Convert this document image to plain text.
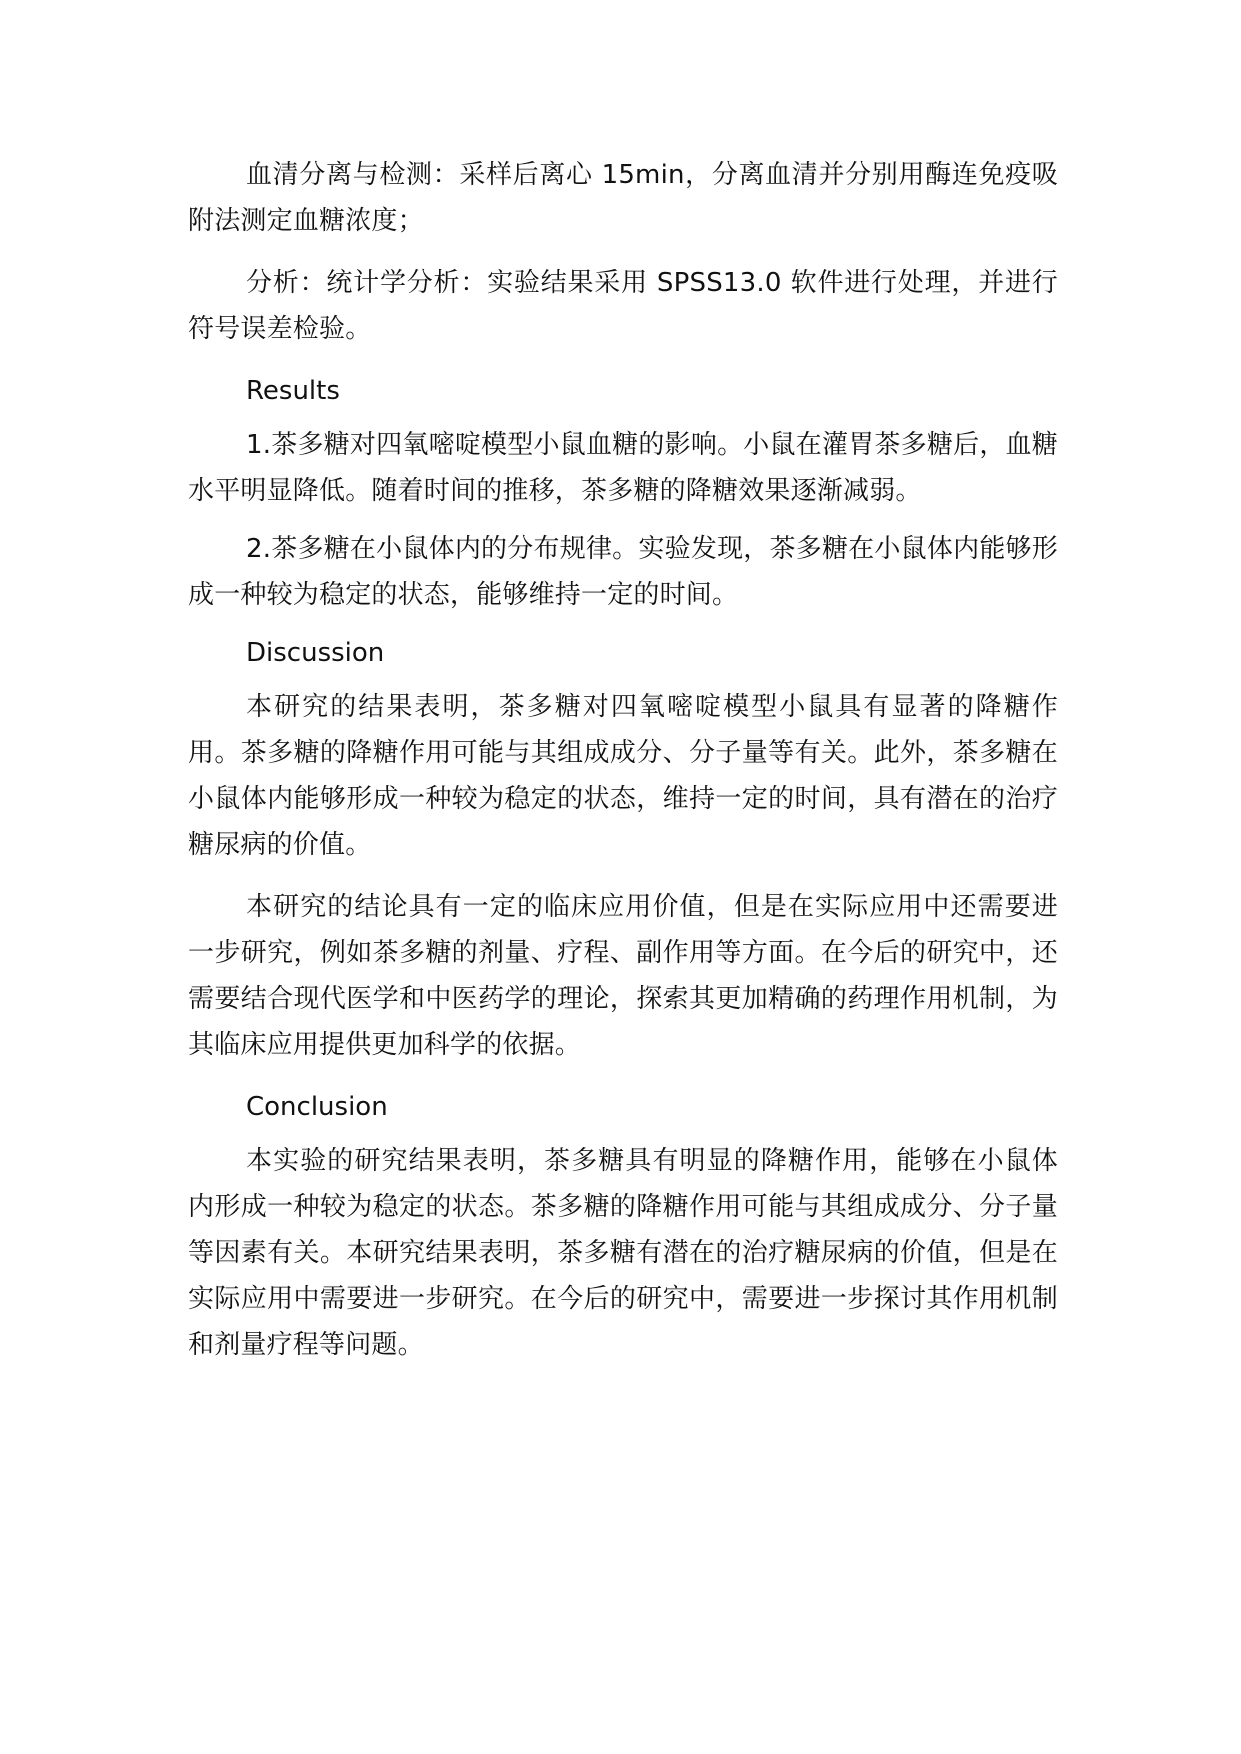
血清分离与检测：采样后离心 15min，分离血清并分别用酶连免疫吸附法测定血糖浓度；

分析：统计学分析：实验结果采用 SPSS13.0 软件进行处理，并进行符号误差检验。

Results

1.茶多糖对四氧嘧啶模型小鼠血糖的影响。小鼠在灌胃茶多糖后，血糖水平明显降低。随着时间的推移，茶多糖的降糖效果逐渐减弱。

2.茶多糖在小鼠体内的分布规律。实验发现，茶多糖在小鼠体内能够形成一种较为稳定的状态，能够维持一定的时间。

Discussion

本研究的结果表明，茶多糖对四氧嘧啶模型小鼠具有显著的降糖作用。茶多糖的降糖作用可能与其组成成分、分子量等有关。此外，茶多糖在小鼠体内能够形成一种较为稳定的状态，维持一定的时间，具有潜在的治疗糖尿病的价值。

本研究的结论具有一定的临床应用价值，但是在实际应用中还需要进一步研究，例如茶多糖的剂量、疗程、副作用等方面。在今后的研究中，还需要结合现代医学和中医药学的理论，探索其更加精确的药理作用机制，为其临床应用提供更加科学的依据。

Conclusion

本实验的研究结果表明，茶多糖具有明显的降糖作用，能够在小鼠体内形成一种较为稳定的状态。茶多糖的降糖作用可能与其组成成分、分子量等因素有关。本研究结果表明，茶多糖有潜在的治疗糖尿病的价值，但是在实际应用中需要进一步研究。在今后的研究中，需要进一步探讨其作用机制和剂量疗程等问题。
